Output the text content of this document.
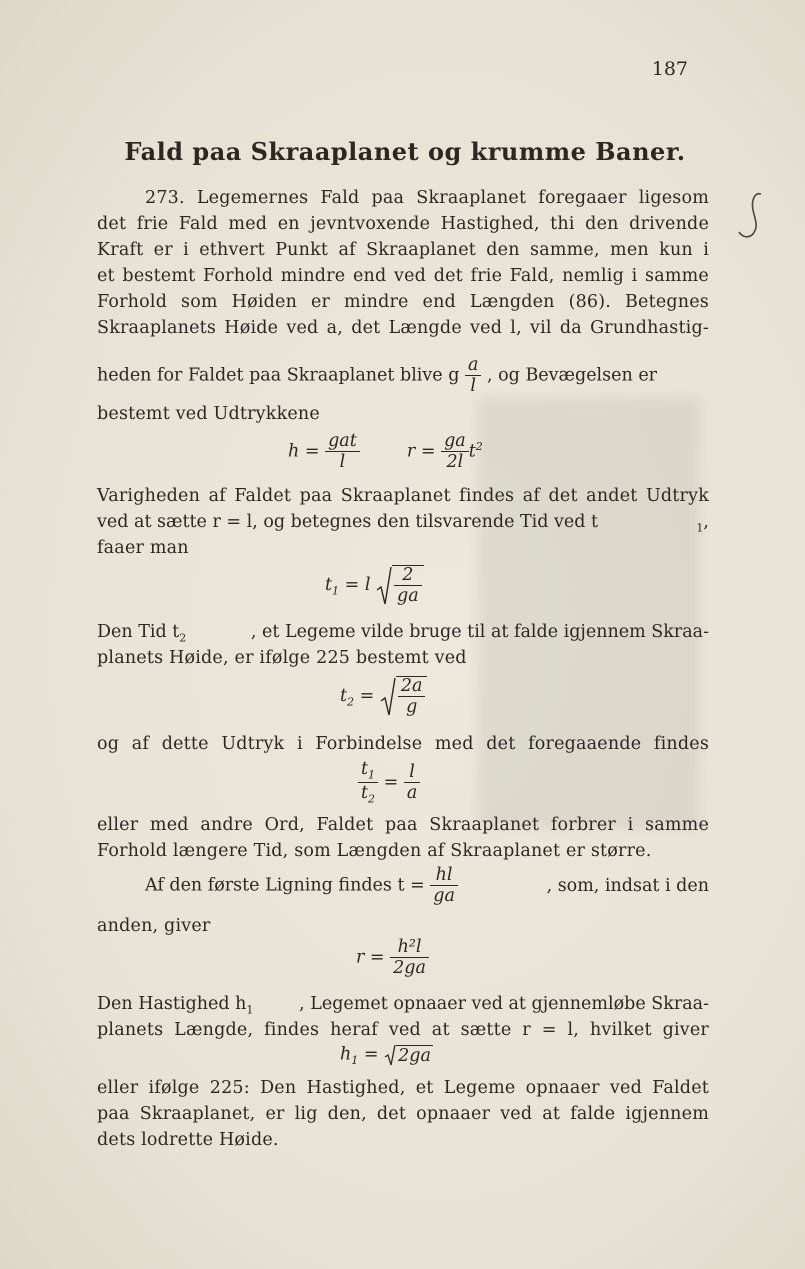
187
Fald paa Skraaplanet og krumme Baner.
273. Legemernes Fald paa Skraaplanet foregaaer ligesom
det frie Fald med en jevntvoxende Hastighed, thi den drivende
Kraft er i ethvert Punkt af Skraaplanet den samme, men kun i
et bestemt Forhold mindre end ved det frie Fald, nemlig i samme
Forhold som Høiden er mindre end Længden (86). Betegnes
Skraaplanets Høide ved a, det Længde ved l, vil da Grundhastig-
heden for Faldet paa Skraaplanet blive g $\frac{a}{l}$ , og Bevægelsen er
bestemt ved Udtrykkene
$h = \frac{\text{gat}}{l}$	$r = \frac{ga}{2l} t^2$
Varigheden af Faldet paa Skraaplanet findes af det andet Udtryk
ved at sætte r = l, og betegnes den tilsvarende Tid ved t	$_1$,
faaer man
$t_1 = l \frac{2}{ga}$
Den Tid $t_2$	, et Legeme vilde bruge til at falde igjennem Skraa-
planets Høide, er ifølge 225 bestemt ved
$t_2 = \frac{2a}{g}$
og af dette Udtryk i Forbindelse med det foregaaende findes
$\frac{t_1}{t_2} = \frac{l}{a}$
eller med andre Ord, Faldet paa Skraaplanet forbrer i samme
Forhold længere Tid, som Længden af Skraaplanet er større.
Af den første Ligning findes $t = \frac{hl}{ga}$	, som, indsat i den
anden, giver
$r = \frac{\text{h²l}}{2ga}$
Den Hastighed $h_1$	, Legemet opnaaer ved at gjennemløbe Skraa-
planets Længde, findes heraf ved at sætte r = l, hvilket giver
$h_1 = 2ga$
eller ifølge 225: Den Hastighed, et Legeme opnaaer ved Faldet
paa Skraaplanet, er lig den, det opnaaer ved at falde igjennem
dets lodrette Høide.
